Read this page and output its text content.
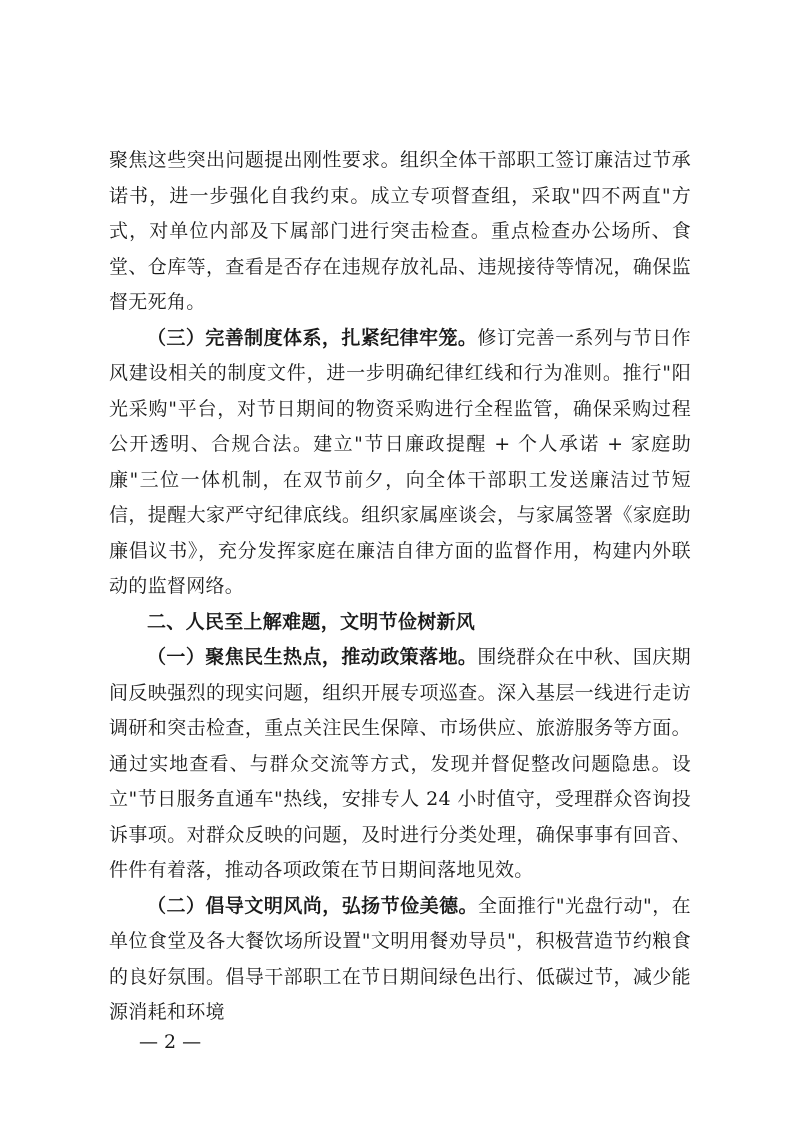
聚焦这些突出问题提出刚性要求。组织全体干部职工签订廉洁过节承诺书，进一步强化自我约束。成立专项督查组，采取"四不两直"方式，对单位内部及下属部门进行突击检查。重点检查办公场所、食堂、仓库等，查看是否存在违规存放礼品、违规接待等情况，确保监督无死角。

（三）完善制度体系，扎紧纪律牢笼。修订完善一系列与节日作风建设相关的制度文件，进一步明确纪律红线和行为准则。推行"阳光采购"平台，对节日期间的物资采购进行全程监管，确保采购过程公开透明、合规合法。建立"节日廉政提醒 + 个人承诺 + 家庭助廉"三位一体机制，在双节前夕，向全体干部职工发送廉洁过节短信，提醒大家严守纪律底线。组织家属座谈会，与家属签署《家庭助廉倡议书》，充分发挥家庭在廉洁自律方面的监督作用，构建内外联动的监督网络。

二、人民至上解难题，文明节俭树新风

（一）聚焦民生热点，推动政策落地。围绕群众在中秋、国庆期间反映强烈的现实问题，组织开展专项巡查。深入基层一线进行走访调研和突击检查，重点关注民生保障、市场供应、旅游服务等方面。通过实地查看、与群众交流等方式，发现并督促整改问题隐患。设立"节日服务直通车"热线，安排专人 24 小时值守，受理群众咨询投诉事项。对群众反映的问题，及时进行分类处理，确保事事有回音、件件有着落，推动各项政策在节日期间落地见效。

（二）倡导文明风尚，弘扬节俭美德。全面推行"光盘行动"，在单位食堂及各大餐饮场所设置"文明用餐劝导员"，积极营造节约粮食的良好氛围。倡导干部职工在节日期间绿色出行、低碳过节，减少能源消耗和环境

— 2 —
